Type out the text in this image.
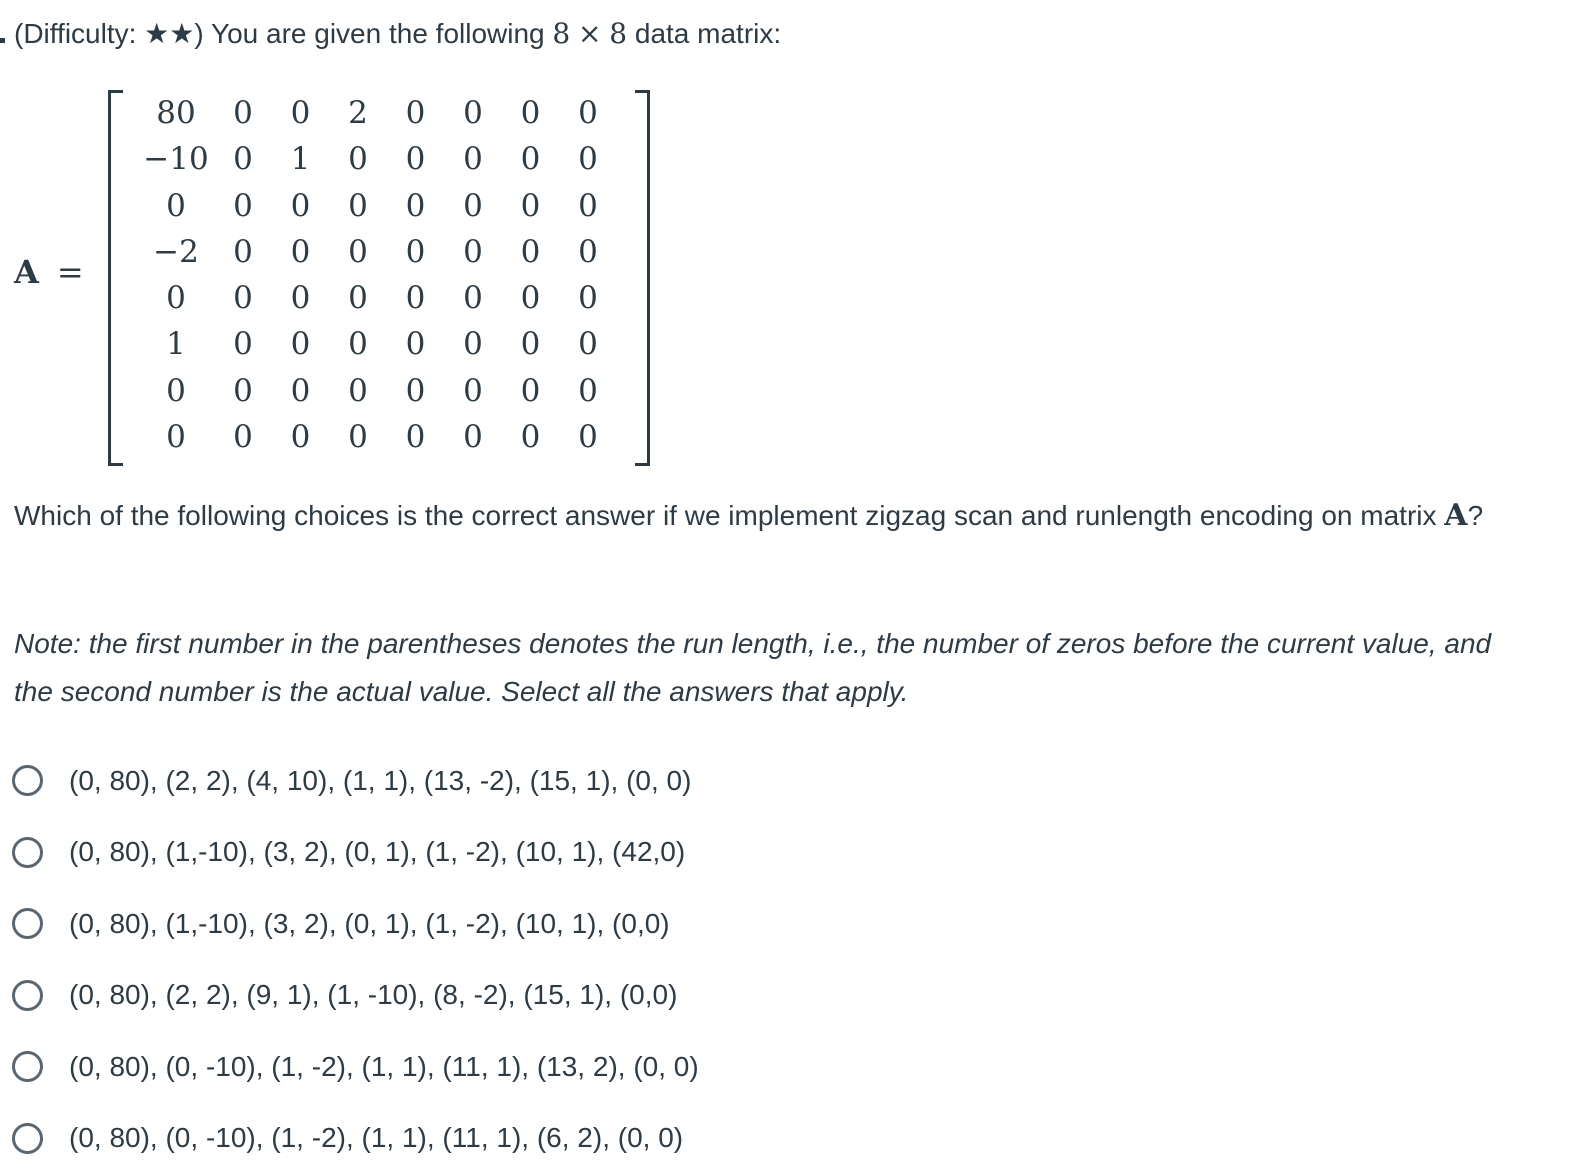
(Difficulty: ★★) You are given the following 8 × 8 data matrix:
A =
80	0	0	2	0	0	0	0
−10 0	1	0	0	0	0	0
0	0	0	0	0	0	0	0
−2	0	0	0	0	0	0	0
0	0	0	0	0	0	0	0
1	0	0	0	0	0	0	0
0	0	0	0	0	0	0	0
0	0	0	0	0	0	0	0
Which of the following choices is the correct answer if we implement zigzag scan and runlength encoding on matrix A?
Note: the first number in the parentheses denotes the run length, i.e., the number of zeros before the current value, and the second number is the actual value. Select all the answers that apply.
(0, 80), (2, 2), (4, 10), (1, 1), (13, -2), (15, 1), (0, 0)
(0, 80), (1,-10), (3, 2), (0, 1), (1, -2), (10, 1), (42,0)
(0, 80), (1,-10), (3, 2), (0, 1), (1, -2), (10, 1), (0,0)
(0, 80), (2, 2), (9, 1), (1, -10), (8, -2), (15, 1), (0,0)
(0, 80), (0, -10), (1, -2), (1, 1), (11, 1), (13, 2), (0, 0)
(0, 80), (0, -10), (1, -2), (1, 1), (11, 1), (6, 2), (0, 0)
